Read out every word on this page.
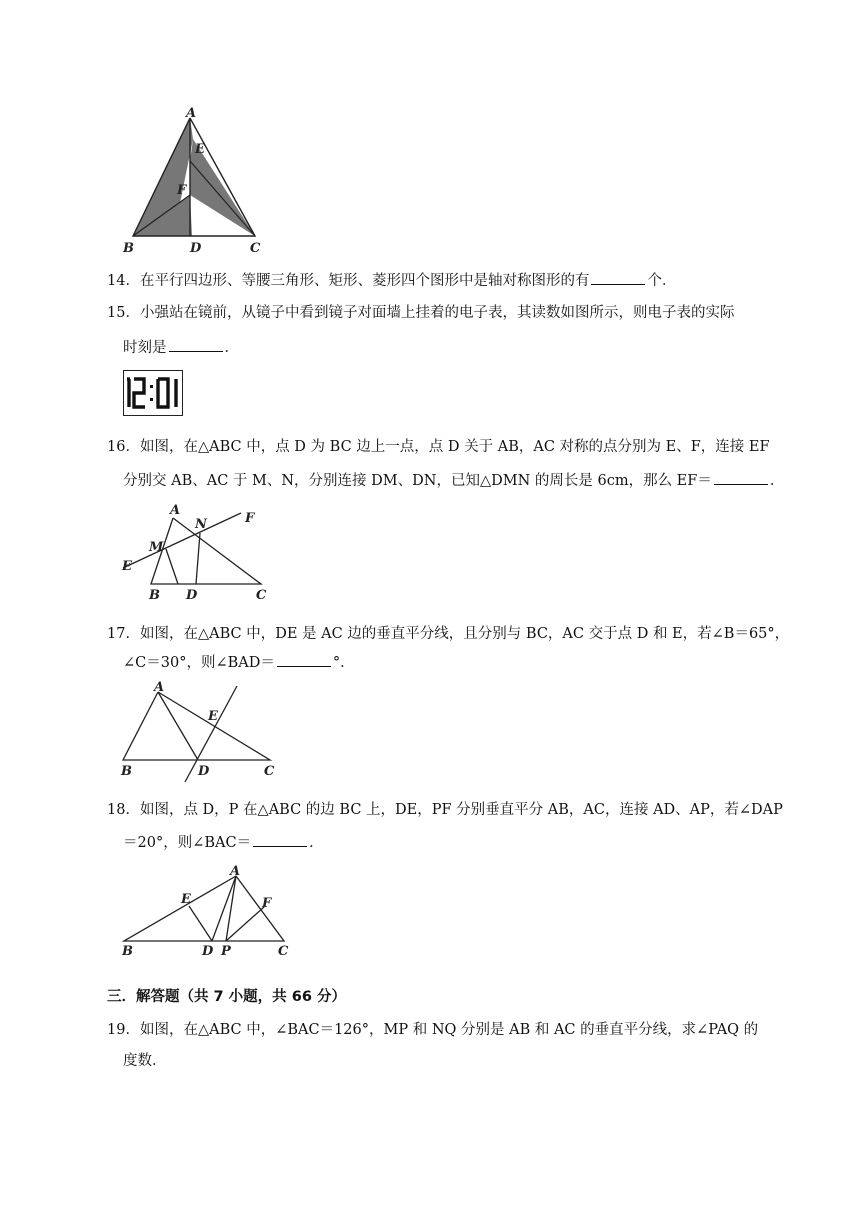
A
E
F
B	D	C
14．在平行四边形、等腰三角形、矩形、菱形四个图形中是轴对称图形的有	个．
15．小强站在镜前，从镜子中看到镜子对面墙上挂着的电子表，其读数如图所示，则电子表的实际
时刻是	．
16．如图，在△ABC 中，点 D 为 BC 边上一点，点 D 关于 AB，AC 对称的点分别为 E、F，连接 EF
分别交 AB、AC 于 M、N，分别连接 DM、DN，已知△DMN 的周长是 6cm，那么 EF＝	．
A
N	F
M
E
B D	C
17．如图，在△ABC 中，DE 是 AC 边的垂直平分线，且分别与 BC，AC 交于点 D 和 E，若∠B＝65°，
∠C＝30°，则∠BAD＝	°．
A
E
B	D	C
18．如图，点 D，P 在△ABC 的边 BC 上，DE，PF 分别垂直平分 AB，AC，连接 AD、AP，若∠DAP
＝20°，则∠BAC＝	．
A
E	F
B	D P	C
三．解答题（共 7 小题，共 66 分）
19．如图，在△ABC 中，∠BAC＝126°，MP 和 NQ 分别是 AB 和 AC 的垂直平分线，求∠PAQ 的
度数．
